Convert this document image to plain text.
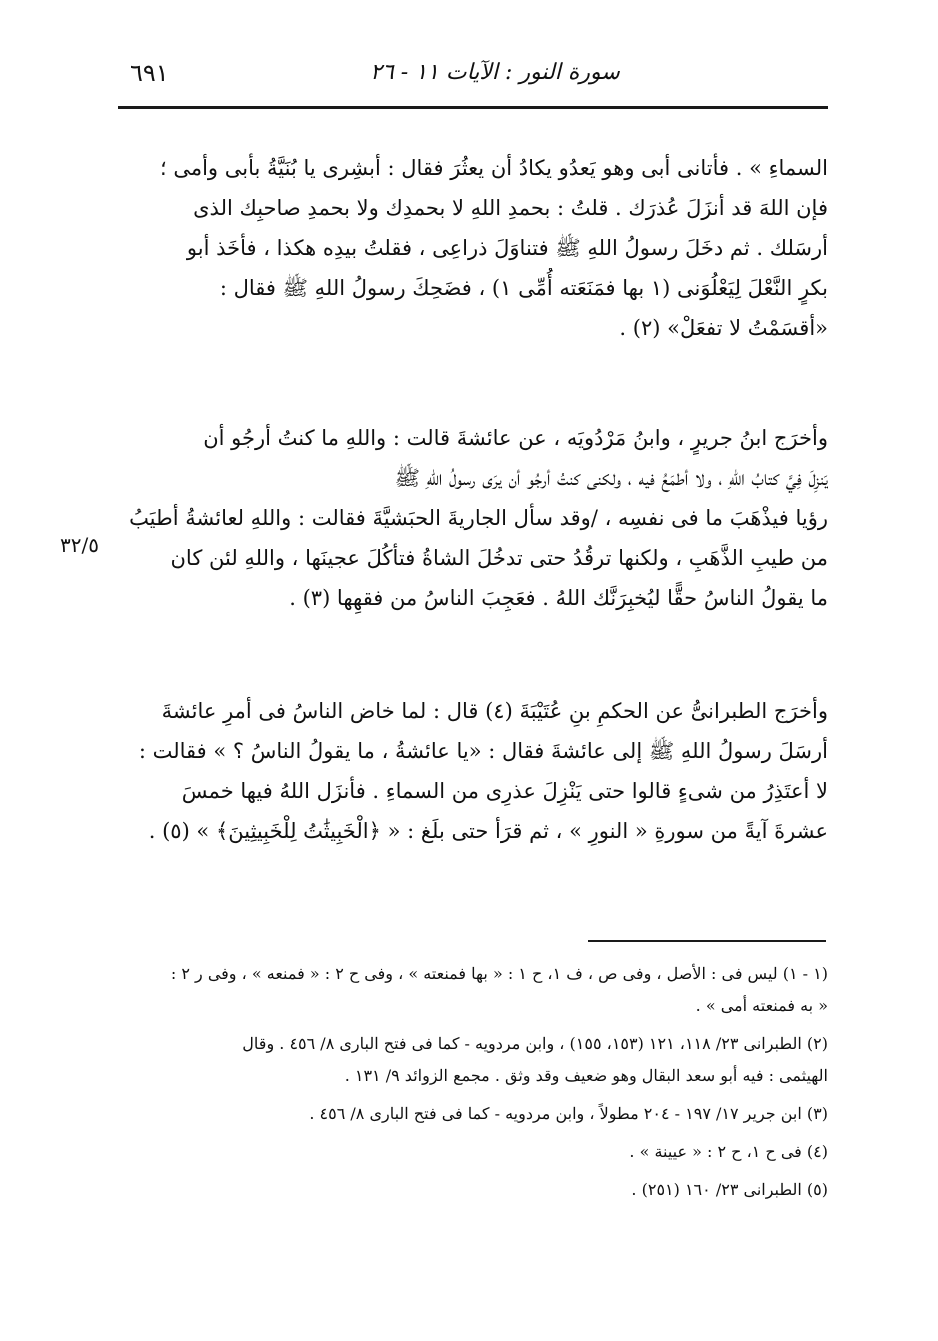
٦٩١	سورة النور : الآيات ١١ - ٢٦
السماءِ » . فأتانى أبى وهو يَعدُو يكادُ أن يعثُرَ فقال : أبشِرى يا بُنَيَّةُ بأبى وأمى ؛
فإن اللهَ قد أنزَلَ عُذرَك . قلتُ : بحمدِ اللهِ لا بحمدِك ولا بحمدِ صاحبِك الذى
أرسَلك . ثم دخَلَ رسولُ اللهِ ﷺ فتناوَلَ ذراعِى ، فقلتُ بيدِه هكذا ، فأخَذ أبو
بكرٍ النَّعْلَ لِيَعْلُوَنى (١ بها فمَنَعَته أُمِّى ١) ، فضَحِكَ رسولُ اللهِ ﷺ فقال :
«أقسَمْتُ لا تفعَلْ» (٢) .
وأخرَج ابنُ جريرٍ ، وابنُ مَرْدُويَه ، عن عائشةَ قالت : واللهِ ما كنتُ أرجُو أن
يَنزِلَ فِيَّ كتابُ اللهِ ، ولا أطمَعُ فيه ، ولكنى كنتُ أرجُو أن يرَى رسولُ اللهِ ﷺ
رؤيا فيذْهَبَ ما فى نفسِه ، /وقد سأل الجاريةَ الحبَشيَّةَ فقالت : واللهِ لعائشةُ أطيَبُ
من طيبِ الذَّهَبِ ، ولكنها ترقُدُ حتى تدخُلَ الشاةُ فتأكُلَ عجينَها ، واللهِ لئن كان
ما يقولُ الناسُ حقًّا ليُخبِرَنَّك اللهُ . فعَجِبَ الناسُ من فقهِها (٣) .
٣٢/٥
وأخرَج الطبرانىُّ عن الحكمِ بنِ عُتَيْبَةَ (٤) قال : لما خاض الناسُ فى أمرِ عائشةَ
أرسَلَ رسولُ اللهِ ﷺ إلى عائشةَ فقال : «يا عائشةُ ، ما يقولُ الناسُ ؟ » فقالت :
لا أعتَذِرُ من شىءٍ قالوا حتى يَنْزِلَ عذرِى من السماءِ . فأنزَل اللهُ فيها خمسَ
عشرةَ آيةً من سورةِ « النورِ » ، ثم قرَأ حتى بلَغ : « ﴿الْخَبِيثَٰتُ لِلْخَبِيثِينَ﴾ » (٥) .
(١ - ١) ليس فى : الأصل ، وفى ص ، ف ١، ح ١ : « بها فمنعته » ، وفى ح ٢ : « فمنعه » ، وفى ر ٢ :
« به فمنعته أمى » .
(٢) الطبرانى ٢٣/ ١١٨، ١٢١ (١٥٣، ١٥٥) ، وابن مردويه - كما فى فتح البارى ٨/ ٤٥٦ . وقال
الهيثمى : فيه أبو سعد البقال وهو ضعيف وقد وثق . مجمع الزوائد ٩/ ١٣١ .
(٣) ابن جرير ١٧/ ١٩٧ - ٢٠٤ مطولاً ، وابن مردويه - كما فى فتح البارى ٨/ ٤٥٦ .
(٤) فى ح ١، ح ٢ : « عيينة » .
(٥) الطبرانى ٢٣/ ١٦٠ (٢٥١) .
